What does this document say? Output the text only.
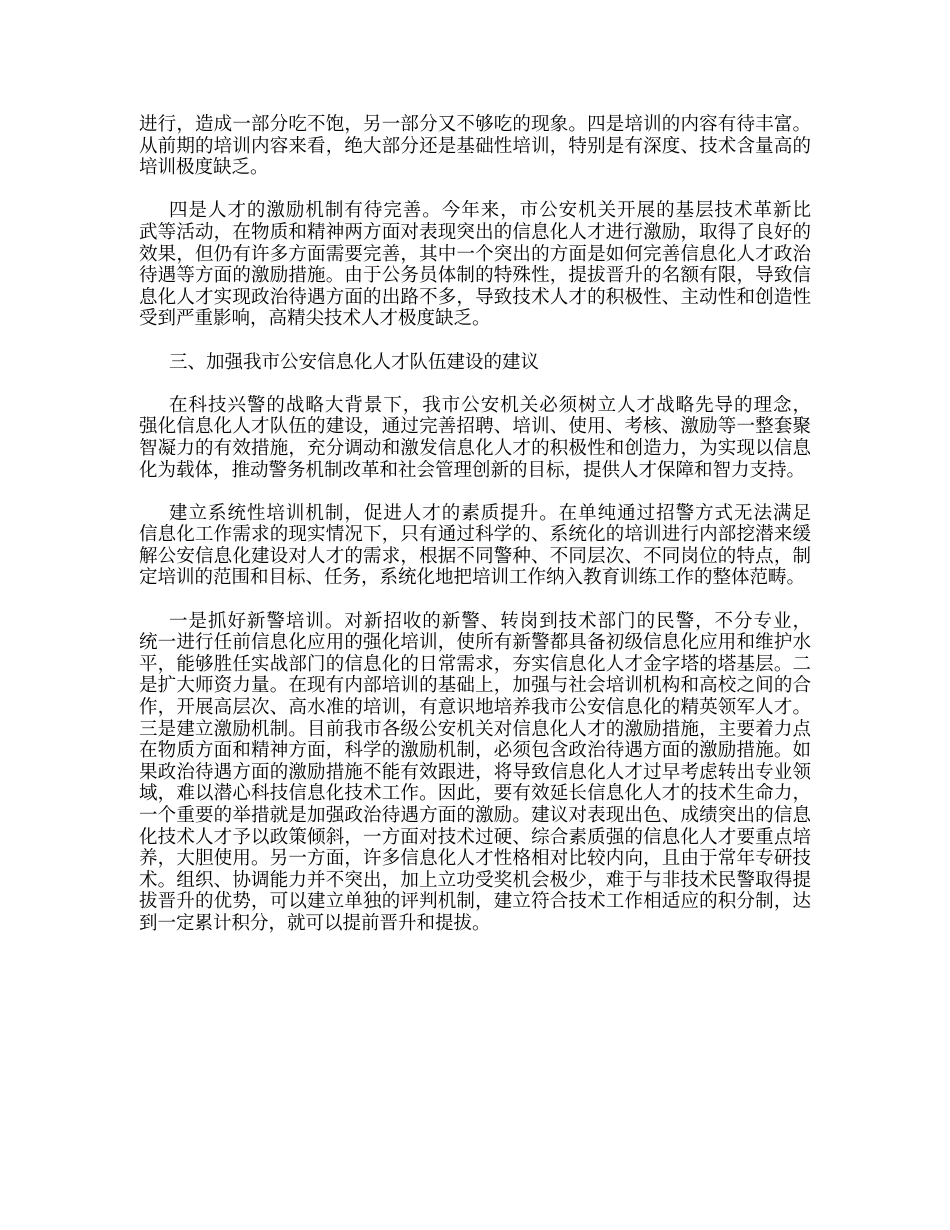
进行，造成一部分吃不饱，另一部分又不够吃的现象。四是培训的内容有待丰富。
从前期的培训内容来看，绝大部分还是基础性培训，特别是有深度、技术含量高的
培训极度缺乏。
四是人才的激励机制有待完善。今年来，市公安机关开展的基层技术革新比
武等活动，在物质和精神两方面对表现突出的信息化人才进行激励，取得了良好的
效果，但仍有许多方面需要完善，其中一个突出的方面是如何完善信息化人才政治
待遇等方面的激励措施。由于公务员体制的特殊性，提拔晋升的名额有限，导致信
息化人才实现政治待遇方面的出路不多，导致技术人才的积极性、主动性和创造性
受到严重影响，高精尖技术人才极度缺乏。
三、加强我市公安信息化人才队伍建设的建议
在科技兴警的战略大背景下，我市公安机关必须树立人才战略先导的理念，
强化信息化人才队伍的建设，通过完善招聘、培训、使用、考核、激励等一整套聚
智凝力的有效措施，充分调动和激发信息化人才的积极性和创造力，为实现以信息
化为载体，推动警务机制改革和社会管理创新的目标，提供人才保障和智力支持。
建立系统性培训机制，促进人才的素质提升。在单纯通过招警方式无法满足
信息化工作需求的现实情况下，只有通过科学的、系统化的培训进行内部挖潜来缓
解公安信息化建设对人才的需求，根据不同警种、不同层次、不同岗位的特点，制
定培训的范围和目标、任务，系统化地把培训工作纳入教育训练工作的整体范畴。
一是抓好新警培训。对新招收的新警、转岗到技术部门的民警，不分专业，
统一进行任前信息化应用的强化培训，使所有新警都具备初级信息化应用和维护水
平，能够胜任实战部门的信息化的日常需求，夯实信息化人才金字塔的塔基层。二
是扩大师资力量。在现有内部培训的基础上，加强与社会培训机构和高校之间的合
作，开展高层次、高水准的培训，有意识地培养我市公安信息化的精英领军人才。
三是建立激励机制。目前我市各级公安机关对信息化人才的激励措施，主要着力点
在物质方面和精神方面，科学的激励机制，必须包含政治待遇方面的激励措施。如
果政治待遇方面的激励措施不能有效跟进，将导致信息化人才过早考虑转出专业领
域，难以潜心科技信息化技术工作。因此，要有效延长信息化人才的技术生命力，
一个重要的举措就是加强政治待遇方面的激励。建议对表现出色、成绩突出的信息
化技术人才予以政策倾斜，一方面对技术过硬、综合素质强的信息化人才要重点培
养，大胆使用。另一方面，许多信息化人才性格相对比较内向，且由于常年专研技
术。组织、协调能力并不突出，加上立功受奖机会极少，难于与非技术民警取得提
拔晋升的优势，可以建立单独的评判机制，建立符合技术工作相适应的积分制，达
到一定累计积分，就可以提前晋升和提拔。
